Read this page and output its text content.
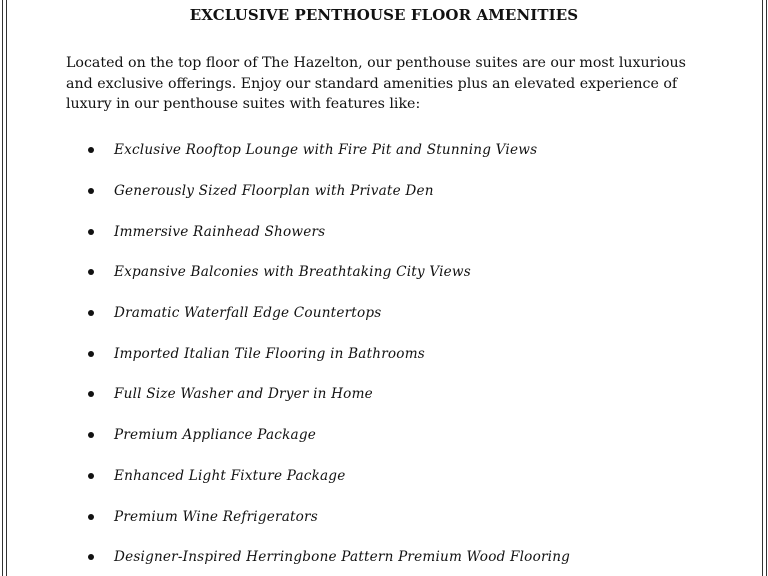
EXCLUSIVE PENTHOUSE FLOOR AMENITIES

Located on the top floor of The Hazelton, our penthouse suites are our most luxurious and exclusive offerings. Enjoy our standard amenities plus an elevated experience of luxury in our penthouse suites with features like:

Exclusive Rooftop Lounge with Fire Pit and Stunning Views
Generously Sized Floorplan with Private Den
Immersive Rainhead Showers
Expansive Balconies with Breathtaking City Views
Dramatic Waterfall Edge Countertops
Imported Italian Tile Flooring in Bathrooms
Full Size Washer and Dryer in Home
Premium Appliance Package
Enhanced Light Fixture Package
Premium Wine Refrigerators
Designer-Inspired Herringbone Pattern Premium Wood Flooring
